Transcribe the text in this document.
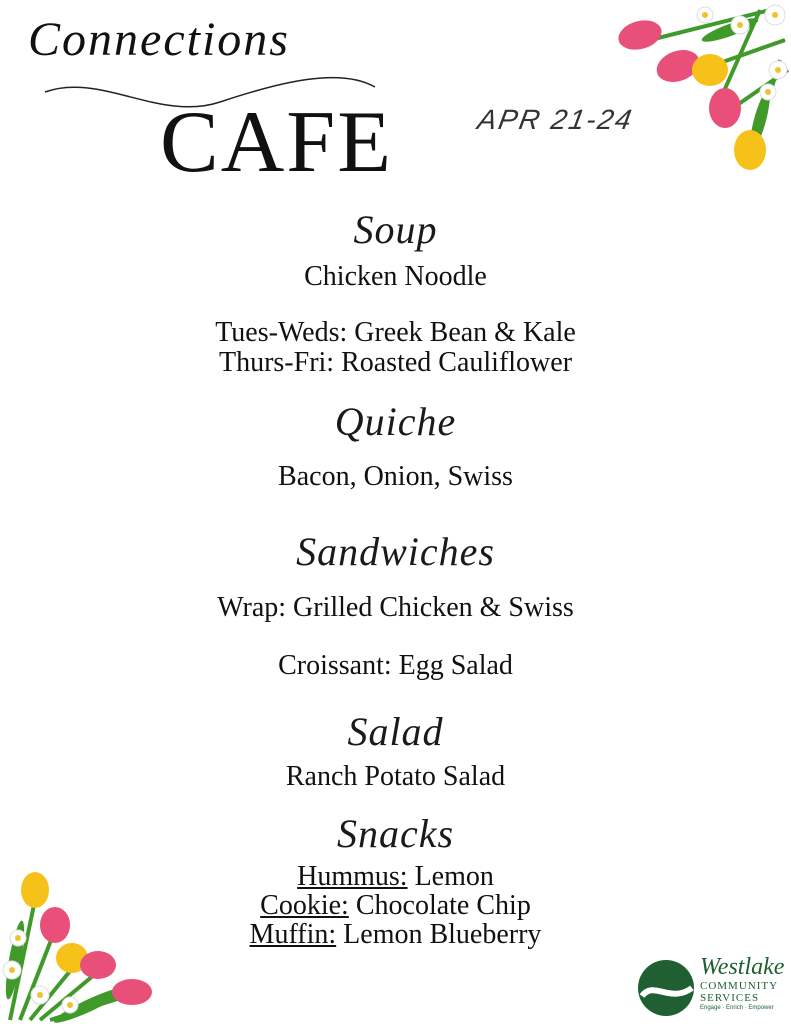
Connections
CAFE	APR 21-24
Soup
Chicken Noodle
Tues-Weds: Greek Bean & Kale
Thurs-Fri: Roasted Cauliflower
Quiche
Bacon, Onion, Swiss
Sandwiches
Wrap: Grilled Chicken & Swiss
Croissant: Egg Salad
Salad
Ranch Potato Salad
Snacks
Hummus: Lemon
Cookie: Chocolate Chip
Muffin: Lemon Blueberry
Westlake
COMMUNITY
SERVICES
Engage · Enrich · Empower
